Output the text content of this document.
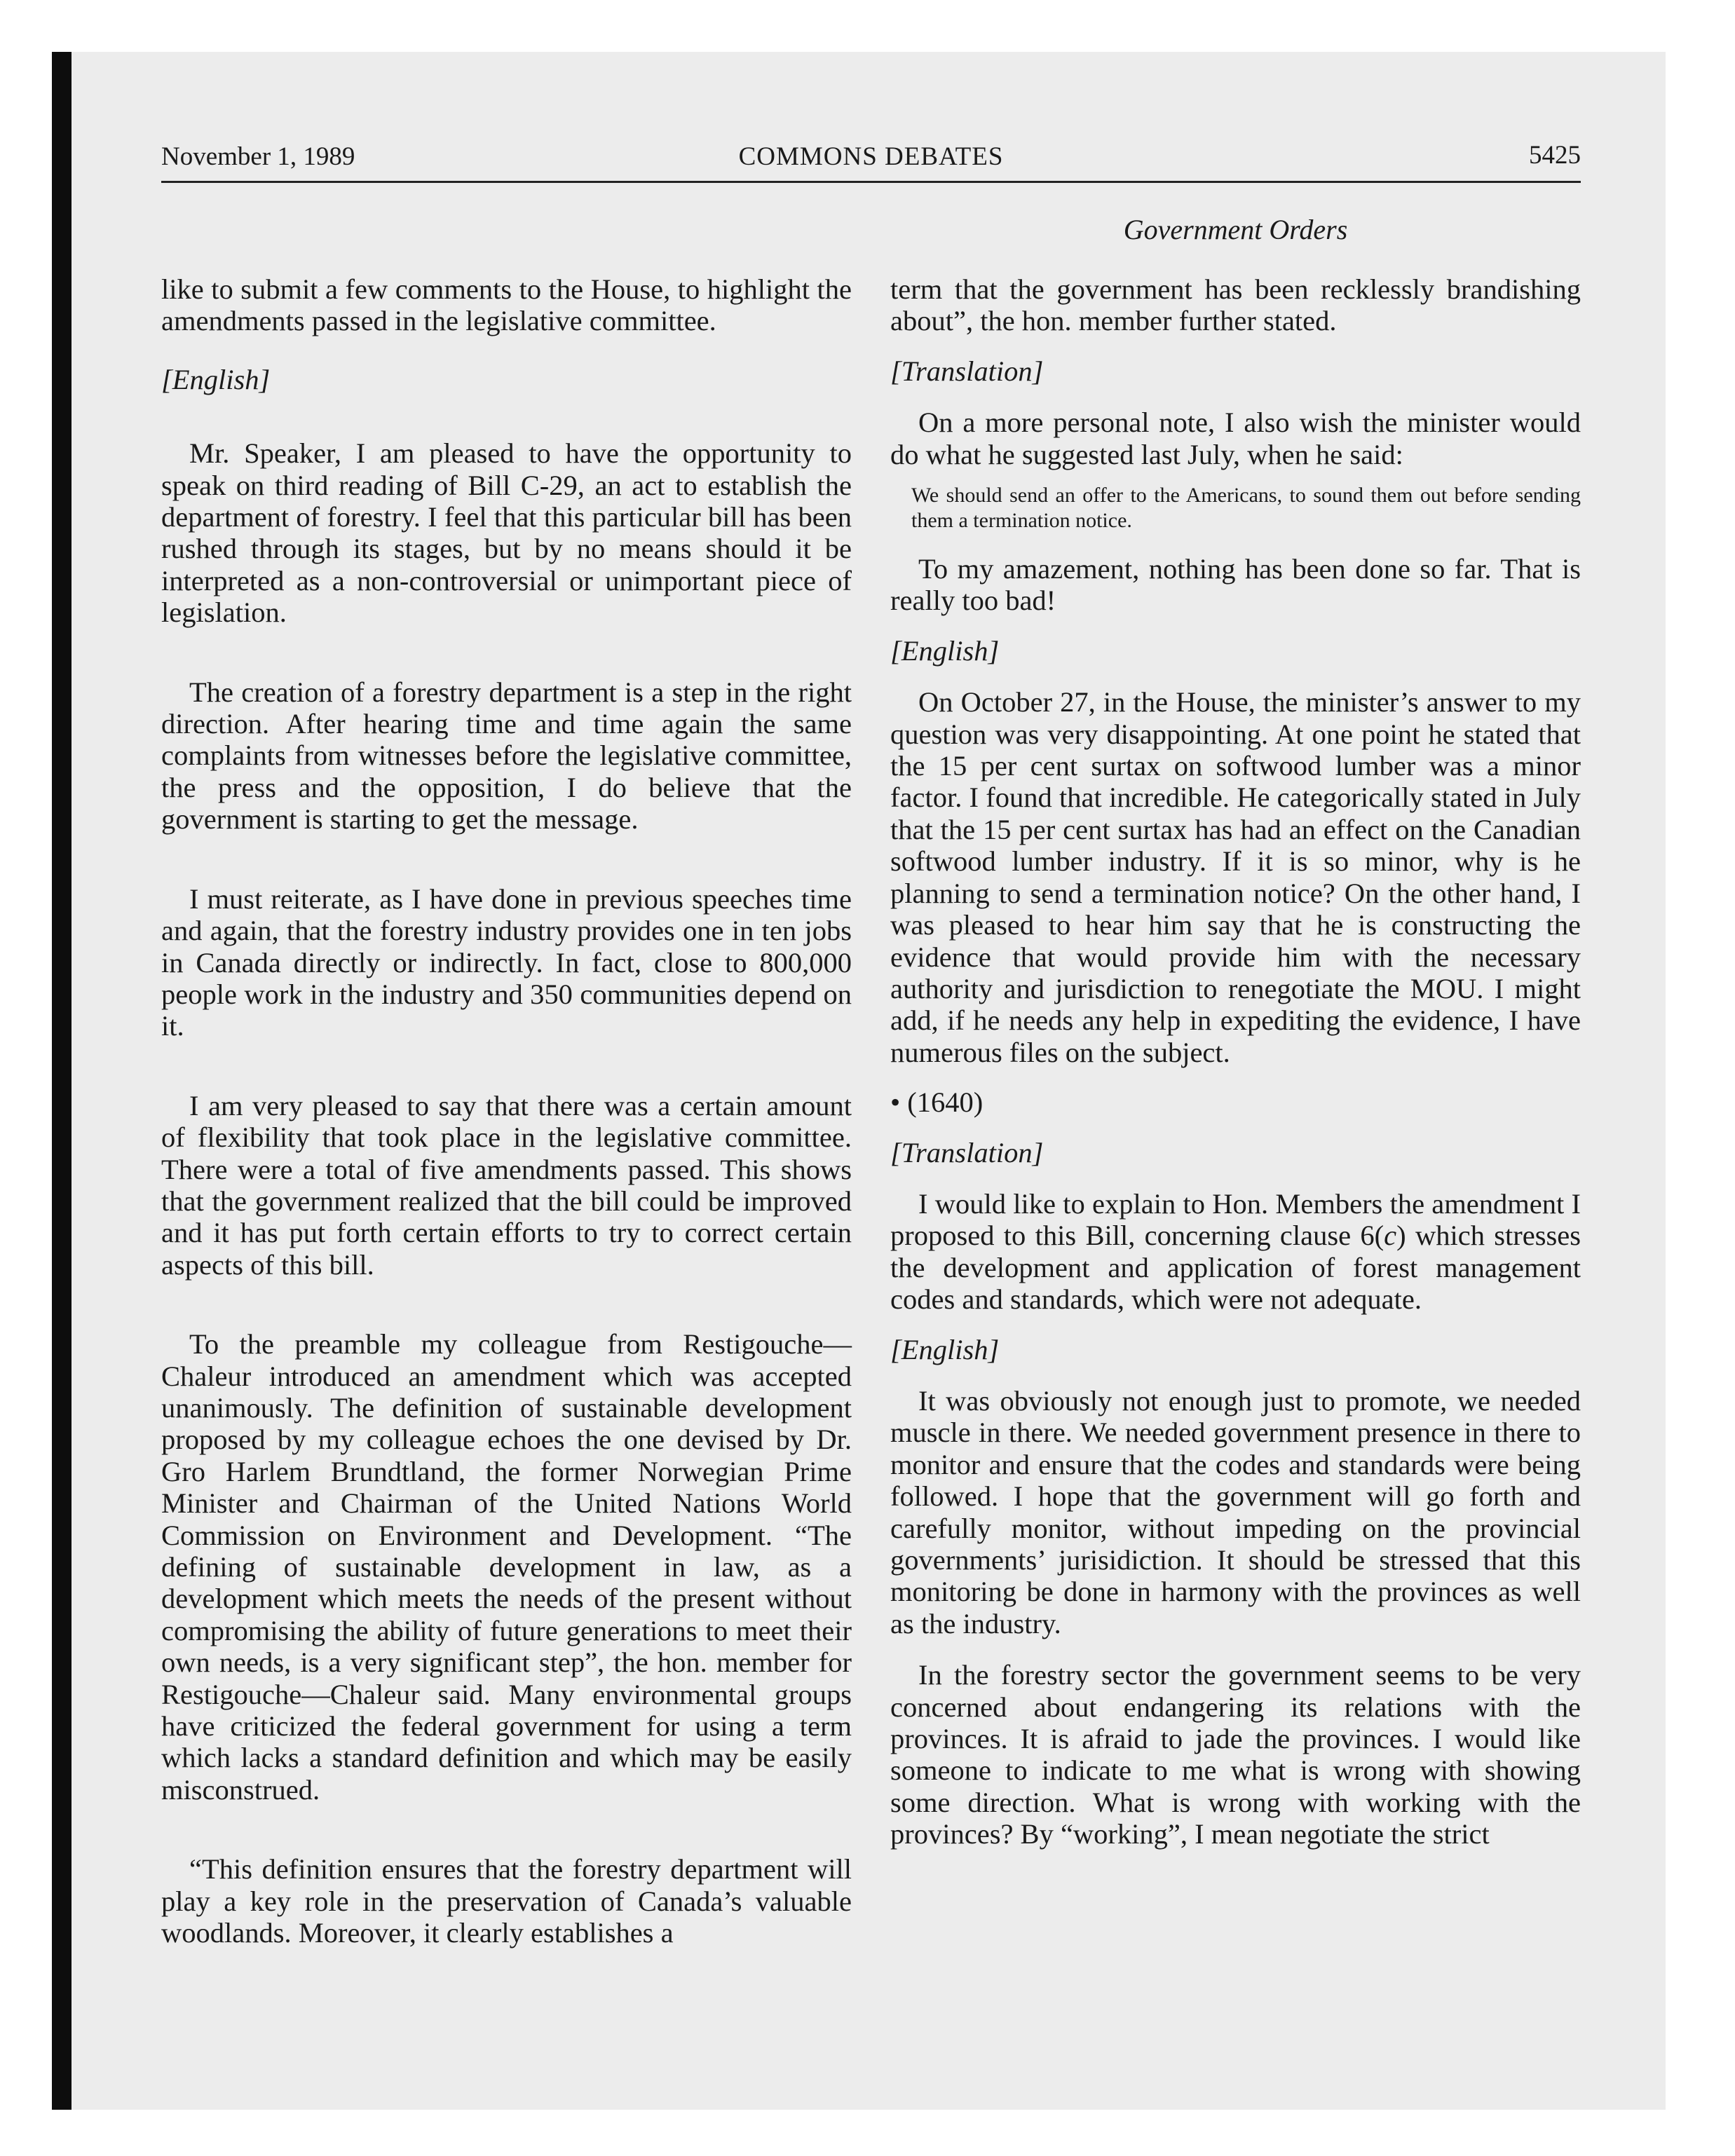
November 1, 1989	COMMONS DEBATES	5425
Government Orders

like to submit a few comments to the House, to highlight the amendments passed in the legislative committee.

[English]

Mr. Speaker, I am pleased to have the opportunity to speak on third reading of Bill C-29, an act to establish the department of forestry. I feel that this particular bill has been rushed through its stages, but by no means should it be interpreted as a non-controversial or unimportant piece of legislation.

The creation of a forestry department is a step in the right direction. After hearing time and time again the same complaints from witnesses before the legislative committee, the press and the opposition, I do believe that the government is starting to get the message.

I must reiterate, as I have done in previous speeches time and again, that the forestry industry provides one in ten jobs in Canada directly or indirectly. In fact, close to 800,000 people work in the industry and 350 communities depend on it.

I am very pleased to say that there was a certain amount of flexibility that took place in the legislative committee. There were a total of five amendments passed. This shows that the government realized that the bill could be improved and it has put forth certain efforts to try to correct certain aspects of this bill.

To the preamble my colleague from Restigouche—Chaleur introduced an amendment which was accepted unanimously. The definition of sustainable development proposed by my colleague echoes the one devised by Dr. Gro Harlem Brundtland, the former Norwegian Prime Minister and Chairman of the United Nations World Commission on Environment and Development. “The defining of sustainable development in law, as a development which meets the needs of the present without compromising the ability of future generations to meet their own needs, is a very significant step”, the hon. member for Restigouche—Chaleur said. Many environmental groups have criticized the federal government for using a term which lacks a standard definition and which may be easily misconstrued.

“This definition ensures that the forestry department will play a key role in the preservation of Canada’s valuable woodlands. Moreover, it clearly establishes a

term that the government has been recklessly brandishing about”, the hon. member further stated.

[Translation]

On a more personal note, I also wish the minister would do what he suggested last July, when he said:

We should send an offer to the Americans, to sound them out before sending them a termination notice.

To my amazement, nothing has been done so far. That is really too bad!

[English]

On October 27, in the House, the minister’s answer to my question was very disappointing. At one point he stated that the 15 per cent surtax on softwood lumber was a minor factor. I found that incredible. He categorically stated in July that the 15 per cent surtax has had an effect on the Canadian softwood lumber industry. If it is so minor, why is he planning to send a termination notice? On the other hand, I was pleased to hear him say that he is constructing the evidence that would provide him with the necessary authority and jurisdiction to renegotiate the MOU. I might add, if he needs any help in expediting the evidence, I have numerous files on the subject.

• (1640)

[Translation]

I would like to explain to Hon. Members the amendment I proposed to this Bill, concerning clause 6(c) which stresses the development and application of forest management codes and standards, which were not adequate.

[English]

It was obviously not enough just to promote, we needed muscle in there. We needed government presence in there to monitor and ensure that the codes and standards were being followed. I hope that the government will go forth and carefully monitor, without impeding on the provincial governments’ jurisidiction. It should be stressed that this monitoring be done in harmony with the provinces as well as the industry.

In the forestry sector the government seems to be very concerned about endangering its relations with the provinces. It is afraid to jade the provinces. I would like someone to indicate to me what is wrong with showing some direction. What is wrong with working with the provinces? By “working”, I mean negotiate the strict
